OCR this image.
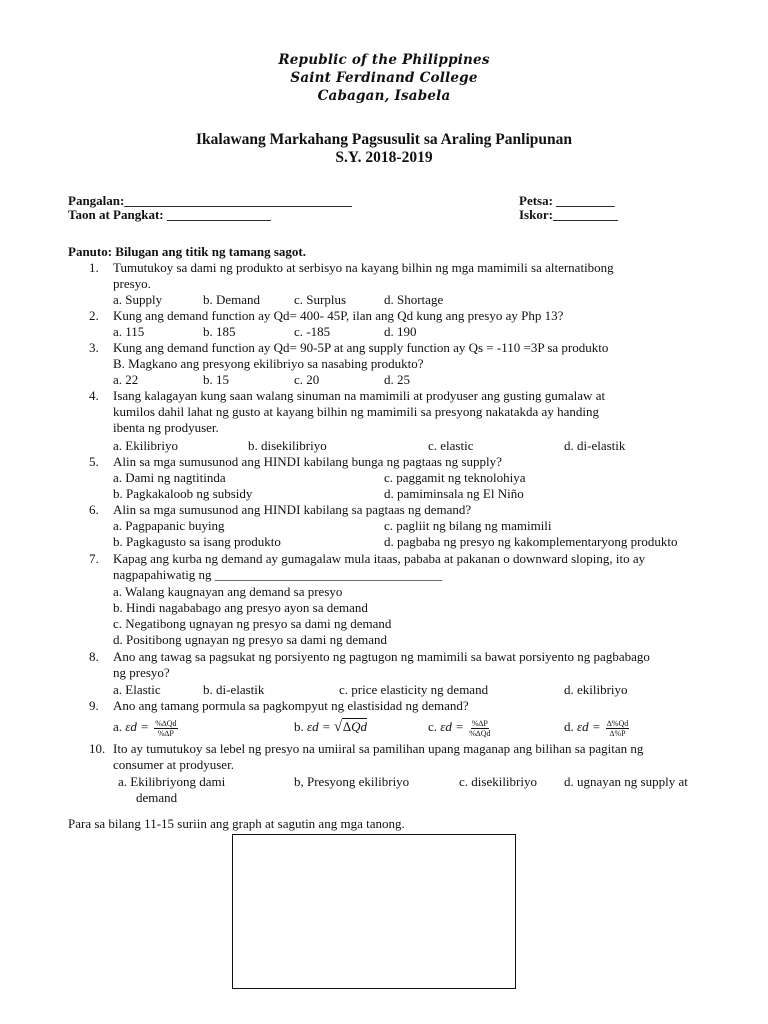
Republic of the Philippines
Saint Ferdinand College
Cabagan, Isabela
Ikalawang Markahang Pagsusulit sa Araling Panlipunan
S.Y. 2018-2019
Pangalan:___________________________________
Taon at Pangkat: ________________
Petsa: _________
Iskor:__________
Panuto: Bilugan ang titik ng tamang sagot.
1. Tumutukoy sa dami ng produkto at serbisyo na kayang bilhin ng mga mamimili sa alternatibong
presyo.
a. Supply	b. Demand	c. Surplus	d. Shortage
2. Kung ang demand function ay Qd= 400- 45P, ilan ang Qd kung ang presyo ay Php 13?
a. 115	b. 185	c. -185	d. 190
3. Kung ang demand function ay Qd= 90-5P at ang supply function ay Qs = -110 =3P sa produkto
B. Magkano ang presyong ekilibriyo sa nasabing produkto?
a. 22	b. 15	c. 20	d. 25
4. Isang kalagayan kung saan walang sinuman na mamimili at prodyuser ang gusting gumalaw at
kumilos dahil lahat ng gusto at kayang bilhin ng mamimili sa presyong nakatakda ay handing
ibenta ng prodyuser.
a. Ekilibriyo	b. disekilibriyo	c. elastic	d. di-elastik
5. Alin sa mga sumusunod ang HINDI kabilang bunga ng pagtaas ng supply?
a. Dami ng nagtitinda	c. paggamit ng teknolohiya
b. Pagkakaloob ng subsidy	d. pamiminsala ng El Niño
6. Alin sa mga sumusunod ang HINDI kabilang sa pagtaas ng demand?
a. Pagpapanic buying	c. pagliit ng bilang ng mamimili
b. Pagkagusto sa isang produkto	d. pagbaba ng presyo ng kakomplementaryong produkto
7. Kapag ang kurba ng demand ay gumagalaw mula itaas, pababa at pakanan o downward sloping, ito ay
nagpapahiwatig ng ___________________________________
a. Walang kaugnayan ang demand sa presyo
b. Hindi nagababago ang presyo ayon sa demand
c. Negatibong ugnayan ng presyo sa dami ng demand
d. Positibong ugnayan ng presyo sa dami ng demand
8. Ano ang tawag sa pagsukat ng porsiyento ng pagtugon ng mamimili sa bawat porsiyento ng pagbabago
ng presyo?
a. Elastic	b. di-elastik	c. price elasticity ng demand	d. ekilibriyo
9. Ano ang tamang pormula sa pagkompyut ng elastisidad ng demand?
a. $\varepsilon d = \frac{\%\Delta Qd}{\%\Delta P}$	b. εd = √∆Qd	c. $\varepsilon d = \frac{\%\Delta P}{\%\Delta Qd}$	d. $\varepsilon d = \frac{\Delta\%Qd}{\Delta\%P}$
10. Ito ay tumutukoy sa lebel ng presyo na umiiral sa pamilihan upang maganap ang bilihan sa pagitan ng
consumer at prodyuser.
a. Ekilibriyong dami	b, Presyong ekilibriyo	c. disekilibriyo d. ugnayan ng supply at
demand
Para sa bilang 11-15 suriin ang graph at sagutin ang mga tanong.
